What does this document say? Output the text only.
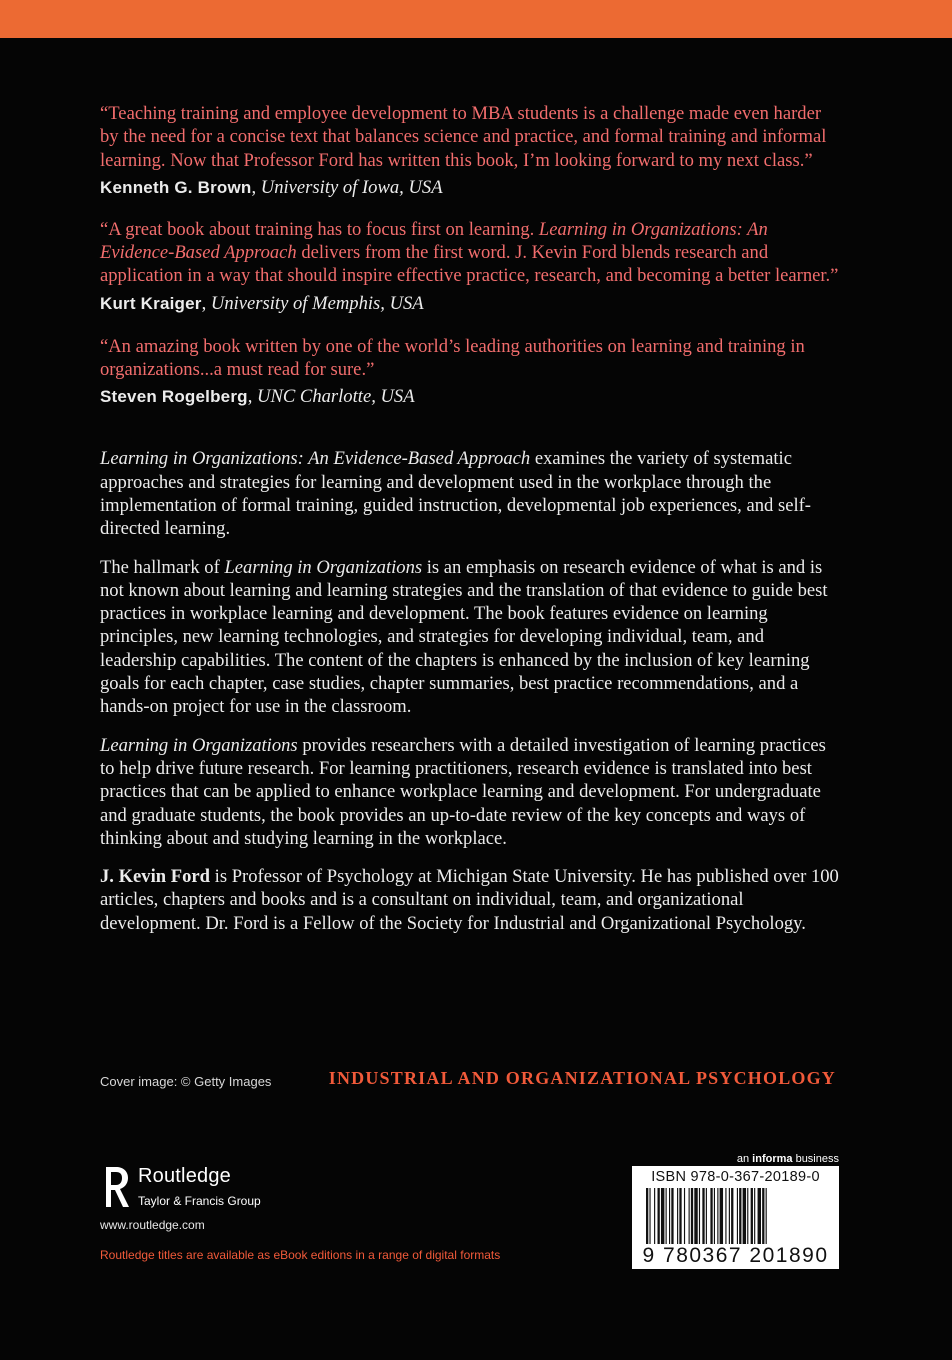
“Teaching training and employee development to MBA students is a challenge made even harder by the need for a concise text that balances science and practice, and formal training and informal learning. Now that Professor Ford has written this book, I’m looking forward to my next class.”

Kenneth G. Brown, University of Iowa, USA

“A great book about training has to focus first on learning. Learning in Organizations: An Evidence-Based Approach delivers from the first word. J. Kevin Ford blends research and application in a way that should inspire effective practice, research, and becoming a better learner.”

Kurt Kraiger, University of Memphis, USA

“An amazing book written by one of the world’s leading authorities on learning and training in organizations...a must read for sure.”

Steven Rogelberg, UNC Charlotte, USA

Learning in Organizations: An Evidence-Based Approach examines the variety of systematic approaches and strategies for learning and development used in the workplace through the implementation of formal training, guided instruction, developmental job experiences, and self-directed learning.

The hallmark of Learning in Organizations is an emphasis on research evidence of what is and is not known about learning and learning strategies and the translation of that evidence to guide best practices in workplace learning and development. The book features evidence on learning principles, new learning technologies, and strategies for developing individual, team, and leadership capabilities. The content of the chapters is enhanced by the inclusion of key learning goals for each chapter, case studies, chapter summaries, best practice recommendations, and a hands-on project for use in the classroom.

Learning in Organizations provides researchers with a detailed investigation of learning practices to help drive future research. For learning practitioners, research evidence is translated into best practices that can be applied to enhance workplace learning and development. For undergraduate and graduate students, the book provides an up-to-date review of the key concepts and ways of thinking about and studying learning in the workplace.

J. Kevin Ford is Professor of Psychology at Michigan State University. He has published over 100 articles, chapters and books and is a consultant on individual, team, and organizational development. Dr. Ford is a Fellow of the Society for Industrial and Organizational Psychology.

Cover image: © Getty Images	INDUSTRIAL AND ORGANIZATIONAL PSYCHOLOGY
an informa business
Routledge
Taylor & Francis Group
www.routledge.com
Routledge titles are available as eBook editions in a range of digital formats
ISBN 978-0-367-20189-0
9 780367 201890
